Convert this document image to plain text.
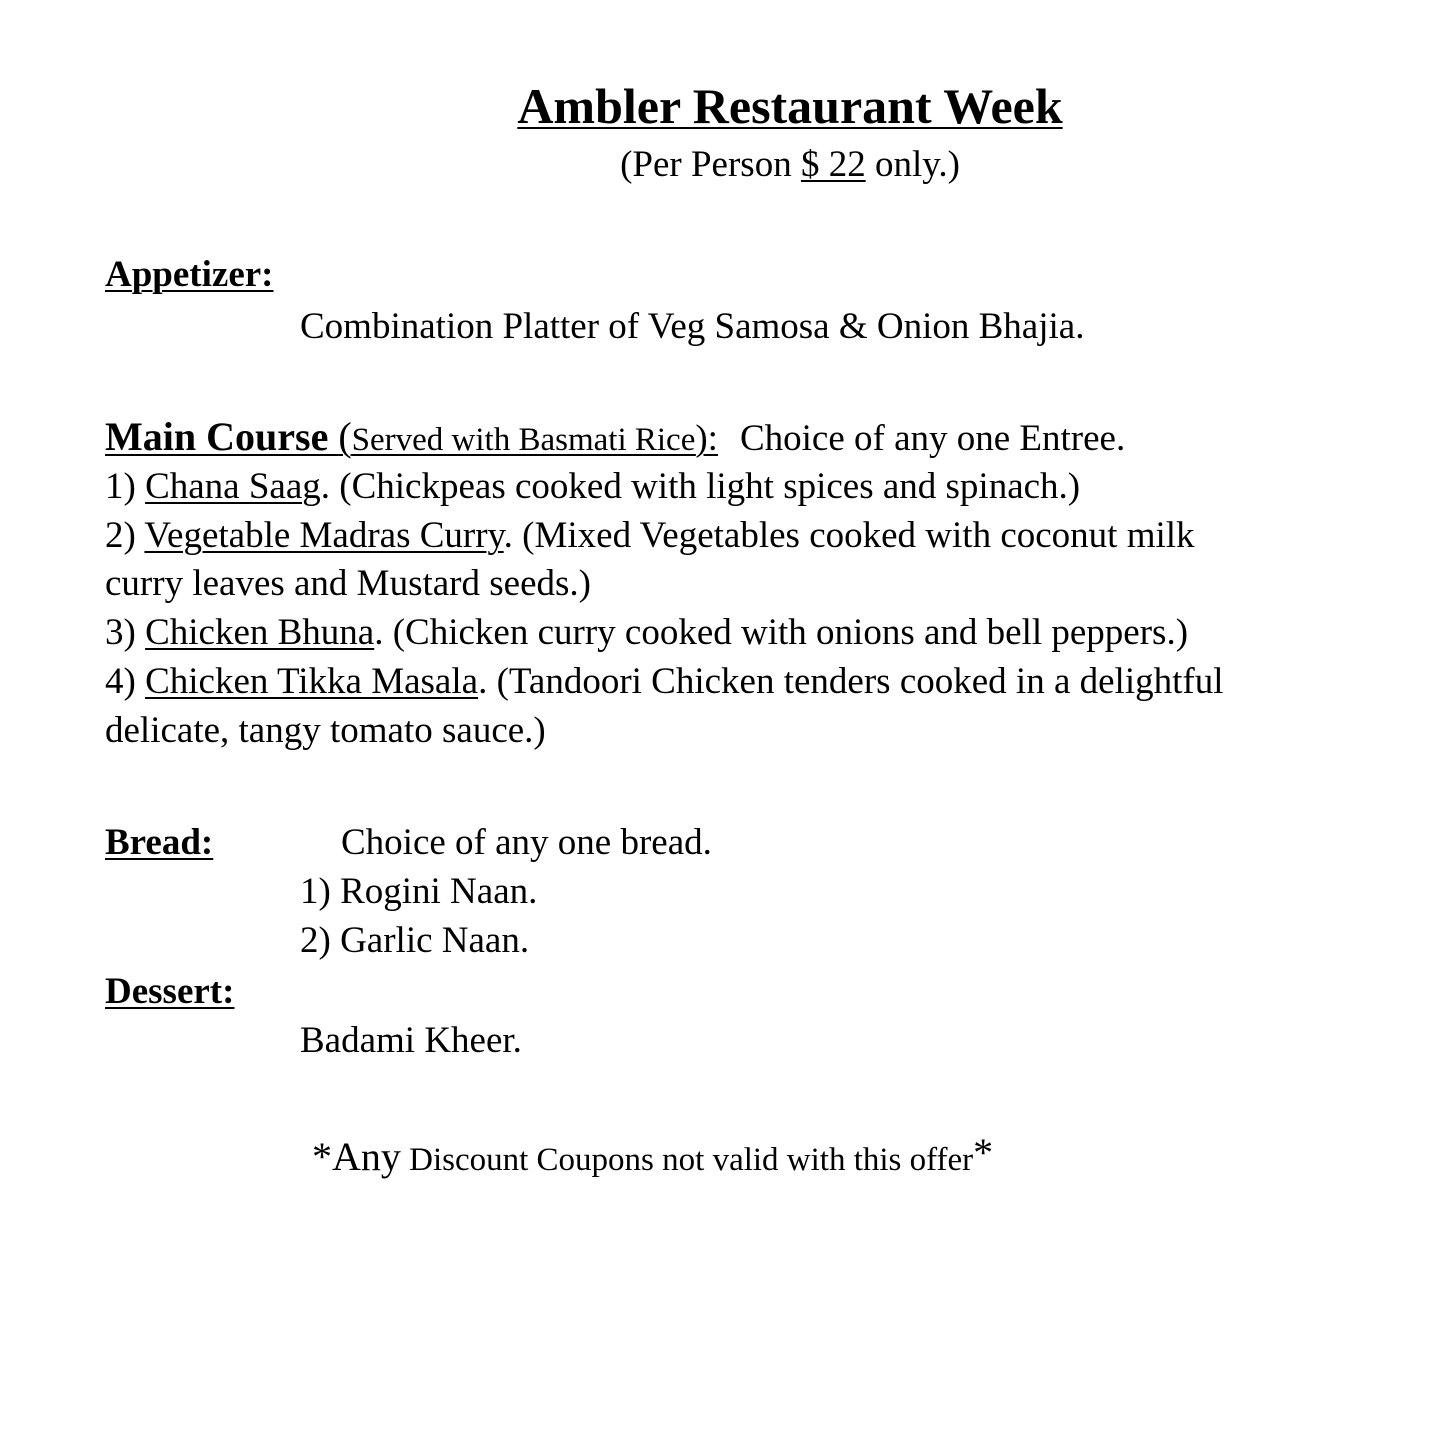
Ambler Restaurant Week
(Per Person $ 22 only.)
Appetizer:
Combination Platter of Veg Samosa & Onion Bhajia.
Main Course (Served with Basmati Rice): Choice of any one Entree.
1) Chana Saag. (Chickpeas cooked with light spices and spinach.)
2) Vegetable Madras Curry. (Mixed Vegetables cooked with coconut milk
curry leaves and Mustard seeds.)
3) Chicken Bhuna. (Chicken curry cooked with onions and bell peppers.)
4) Chicken Tikka Masala. (Tandoori Chicken tenders cooked in a delightful
delicate, tangy tomato sauce.)
Bread:	Choice of any one bread.
1) Rogini Naan.
2) Garlic Naan.
Dessert:
Badami Kheer.
*Any Discount Coupons not valid with this offer*
